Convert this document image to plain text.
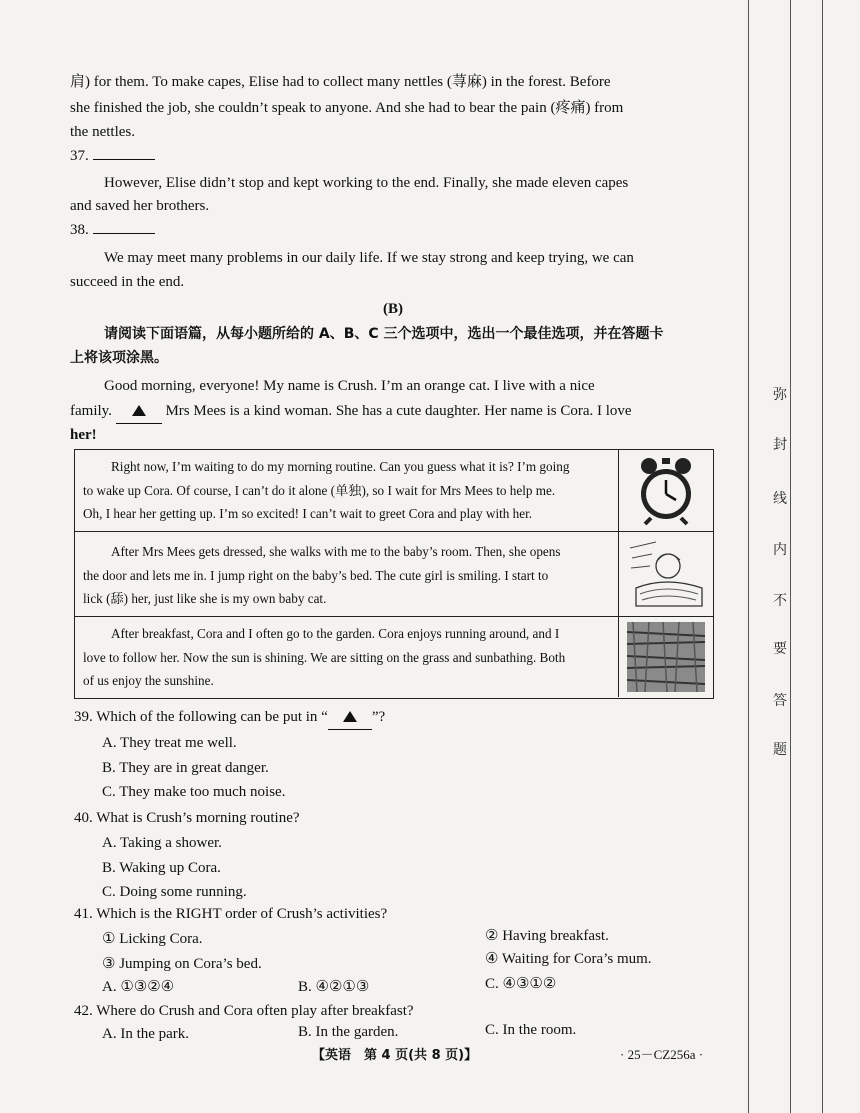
肩) for them. To make capes, Elise had to collect many nettles (荨麻) in the forest. Before
she finished the job, she couldn’t speak to anyone. And she had to bear the pain (疼痛) from
the nettles.
37.
However, Elise didn’t stop and kept working to the end. Finally, she made eleven capes
and saved her brothers.
38.
We may meet many problems in our daily life. If we stay strong and keep trying, we can
succeed in the end.
(B)
请阅读下面语篇，从每小题所给的 A、B、C 三个选项中，选出一个最佳选项，并在答题卡
上将该项涂黑。
Good morning, everyone! My name is Crush. I’m an orange cat. I live with a nice
family.	Mrs Mees is a kind woman. She has a cute daughter. Her name is Cora. I love
her!
Right now, I’m waiting to do my morning routine. Can you guess what it is? I’m going
to wake up Cora. Of course, I can’t do it alone (单独), so I wait for Mrs Mees to help me.
Oh, I hear her getting up. I’m so excited! I can’t wait to greet Cora and play with her.
After Mrs Mees gets dressed, she walks with me to the baby’s room. Then, she opens
the door and lets me in. I jump right on the baby’s bed. The cute girl is smiling. I start to
lick (舔) her, just like she is my own baby cat.
After breakfast, Cora and I often go to the garden. Cora enjoys running around, and I
love to follow her. Now the sun is shining. We are sitting on the grass and sunbathing. Both
of us enjoy the sunshine.
39. Which of the following can be put in “	”?
A. They treat me well.
B. They are in great danger.
C. They make too much noise.
40. What is Crush’s morning routine?
A. Taking a shower.
B. Waking up Cora.
C. Doing some running.
41. Which is the RIGHT order of Crush’s activities?
① Licking Cora.	② Having breakfast.
③ Jumping on Cora’s bed.	④ Waiting for Cora’s mum.
A. ①③②④	B. ④②①③	C. ④③①②
42. Where do Crush and Cora often play after breakfast?
A. In the park.	B. In the garden.	C. In the room.
【英语　第 4 页(共 8 页)】	· 25－CZ256a ·
弥
封
线
内
不
要
答
题
